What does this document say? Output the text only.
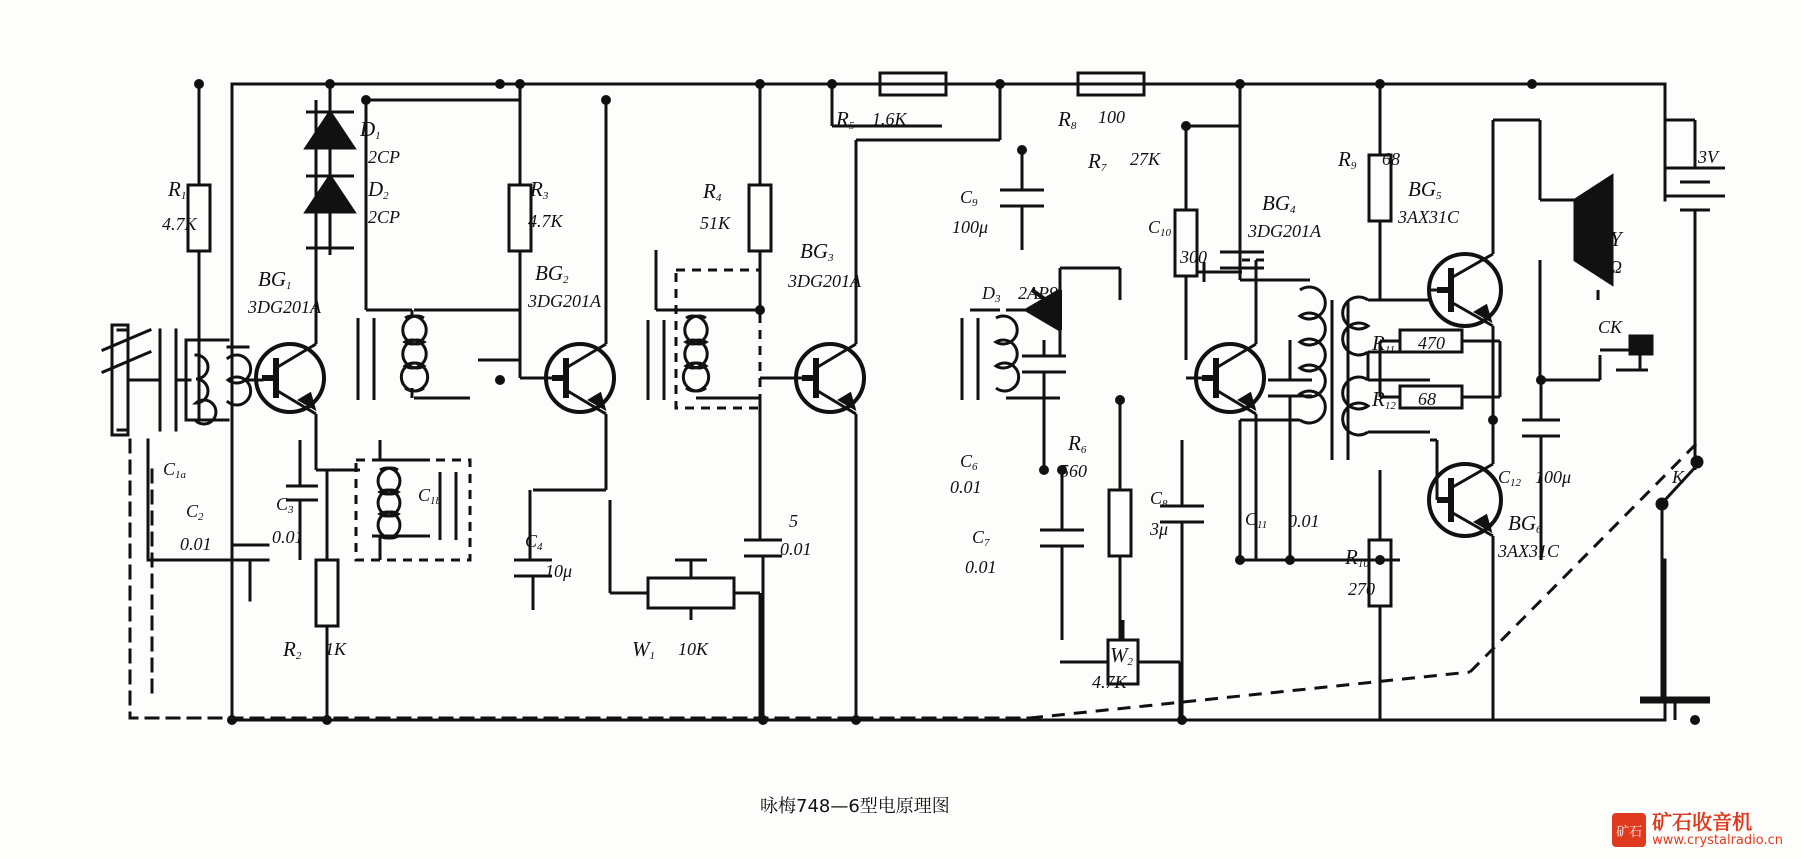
$R_1$
4.7K
$BG_1$
3DG201A
$D_1$
2CP
$D_2$
2CP
$C_{1a}$
$C_2$
0.01
$C_3$
0.01
$R_2$ 1K
$C_{1b}$
$R_3$
4.7K
$BG_2$
3DG201A
$C_4$
10μ
$R_4$
51K
$W_1$ 10K
$BG_3$
3DG201A
5
0.01
$R_5$ 1.6K	$R_8$ 100
$R_7$ 27K
$C_9$
100μ
$D_3$ 2AP9
$C_6$
0.01
$R_6$
560
$C_7$
0.01
$W_2$
4.7K
$C_8$
3μ
$C_{10}$
300
$BG_4$
3DG201A
$C_{11}$ 0.01
$R_{10}$
270
$R_9$ 68
$BG_5$
3AX31C
$R_{11}$ 470
$R_{12}$ 68
$BG_6$
3AX31C
$C_{12}$ 100μ
Y
8Ω
CK
3V
K
咏梅748—6型电原理图
矿石 矿石收音机
www.crystalradio.cn
